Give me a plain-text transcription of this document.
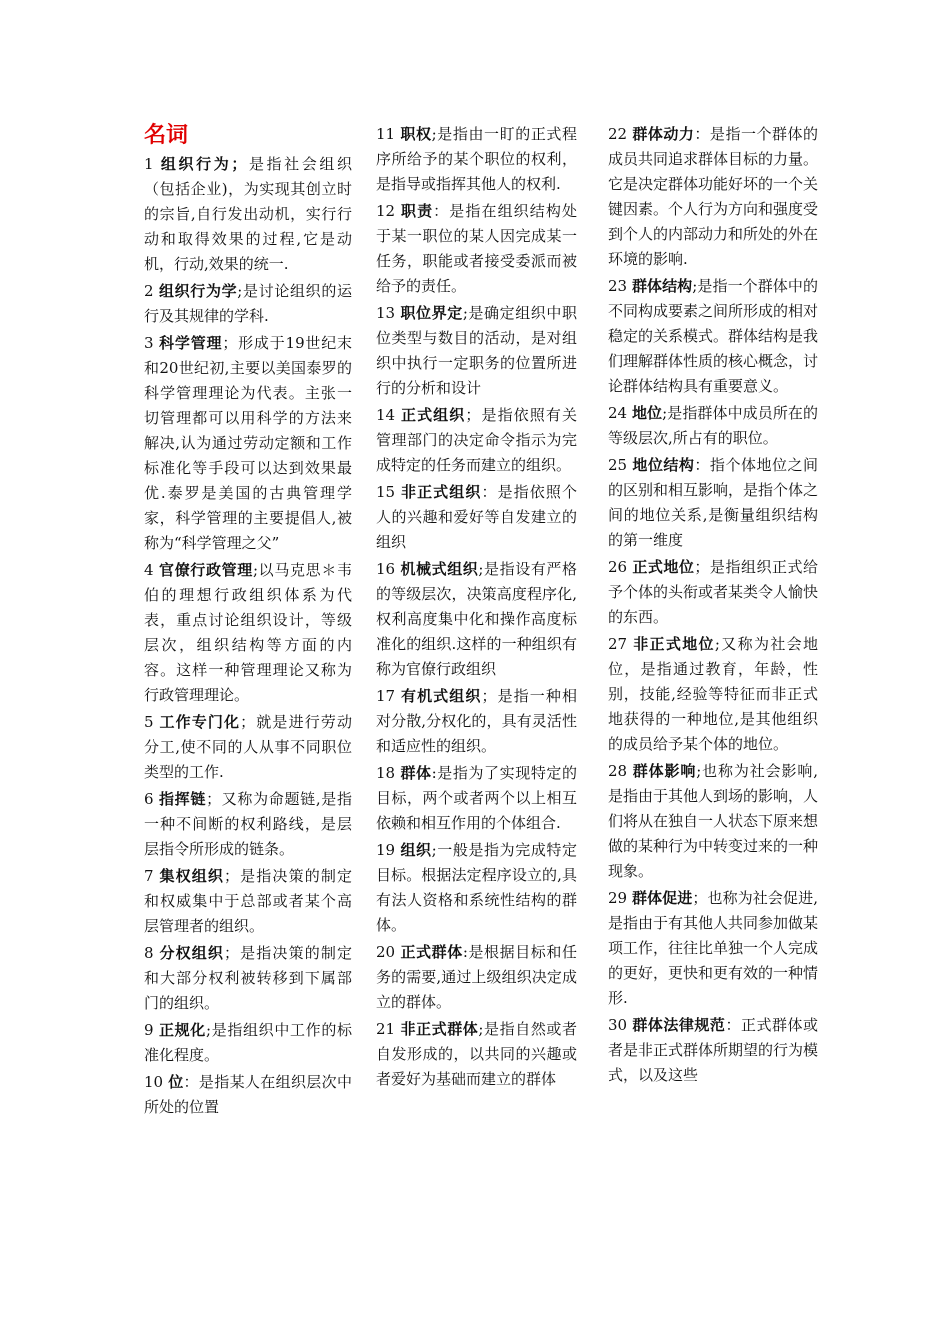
名词
1 组织行为；是指社会组织（包括企业)，为实现其创立时的宗旨,自行发出动机，实行行动和取得效果的过程,它是动机，行动,效果的统一.
2 组织行为学;是讨论组织的运行及其规律的学科.
3 科学管理；形成于19世纪末和20世纪初,主要以美国泰罗的科学管理理论为代表。主张一切管理都可以用科学的方法来解决,认为通过劳动定额和工作标准化等手段可以达到效果最优.泰罗是美国的古典管理学家，科学管理的主要提倡人,被称为“科学管理之父”
4 官僚行政管理;以马克思＊韦伯的理想行政组织体系为代表，重点讨论组织设计，等级层次，组织结构等方面的内容。这样一种管理理论又称为行政管理理论。
5 工作专门化；就是进行劳动分工,使不同的人从事不同职位类型的工作.
6 指挥链；又称为命题链,是指一种不间断的权利路线，是层层指令所形成的链条。
7 集权组织；是指决策的制定和权威集中于总部或者某个高层管理者的组织。
8 分权组织；是指决策的制定和大部分权利被转移到下属部门的组织。
9 正规化;是指组织中工作的标准化程度。
10 位：是指某人在组织层次中所处的位置
11 职权;是指由一盯的正式程序所给予的某个职位的权利，是指导或指挥其他人的权利.
12 职责：是指在组织结构处于某一职位的某人因完成某一任务，职能或者接受委派而被给予的责任。
13 职位界定;是确定组织中职位类型与数目的活动，是对组织中执行一定职务的位置所进行的分析和设计
14 正式组织；是指依照有关管理部门的决定命令指示为完成特定的任务而建立的组织。
15 非正式组织：是指依照个人的兴趣和爱好等自发建立的组织
16 机械式组织;是指设有严格的等级层次，决策高度程序化,权利高度集中化和操作高度标准化的组织.这样的一种组织有称为官僚行政组织
17 有机式组织；是指一种相对分散,分权化的，具有灵活性和适应性的组织。
18 群体:是指为了实现特定的目标，两个或者两个以上相互依赖和相互作用的个体组合.
19 组织;一般是指为完成特定目标。根据法定程序设立的,具有法人资格和系统性结构的群体。
20 正式群体:是根据目标和任务的需要,通过上级组织决定成立的群体。
21 非正式群体;是指自然或者自发形成的，以共同的兴趣或者爱好为基础而建立的群体
22 群体动力：是指一个群体的成员共同追求群体目标的力量。它是决定群体功能好坏的一个关键因素。个人行为方向和强度受到个人的内部动力和所处的外在环境的影响.
23 群体结构;是指一个群体中的不同构成要素之间所形成的相对稳定的关系模式。群体结构是我们理解群体性质的核心概念，讨论群体结构具有重要意义。
24 地位;是指群体中成员所在的等级层次,所占有的职位。
25 地位结构：指个体地位之间的区别和相互影响，是指个体之间的地位关系,是衡量组织结构的第一维度
26 正式地位；是指组织正式给予个体的头衔或者某类令人愉快的东西。
27 非正式地位;又称为社会地位，是指通过教育，年龄，性别，技能,经验等特征而非正式地获得的一种地位,是其他组织的成员给予某个体的地位。
28 群体影响;也称为社会影响,是指由于其他人到场的影响，人们将从在独自一人状态下原来想做的某种行为中转变过来的一种现象。
29 群体促进；也称为社会促进,是指由于有其他人共同参加做某项工作，往往比单独一个人完成的更好，更快和更有效的一种情形.
30 群体法律规范：正式群体或者是非正式群体所期望的行为模式，以及这些
